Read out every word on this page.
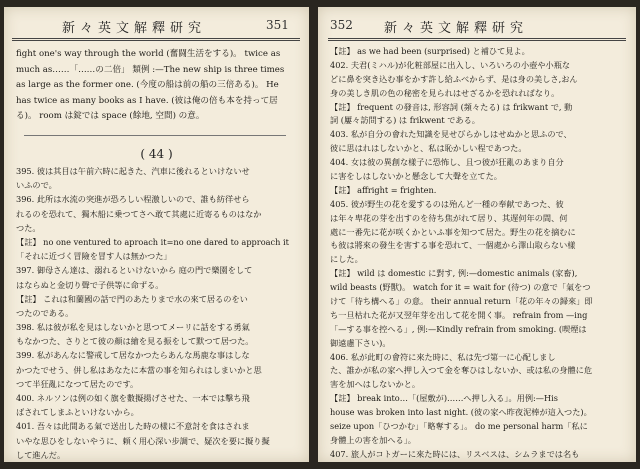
新々英文解釋研究	351
fight one's way through the world (奮闘生活をする)。 twice as
much as……「……の二倍」 類例 :—The new ship is three times
as large as the former one. (今度の船は前の船の三倍ある)。 He
has twice as many books as I have. (彼は俺の倍も本を持って居
る)。 room は錠では space (餘地, 空間) の意。
( 44 )
395. 彼は其目は午前六時に起きた、汽車に後れるといけないせ
いふので。
396. 此所は水流の突進が恐ろしい程激しいので、誰も紡徉せら
れるのを恐れて、獨木船に乗つてさへ敢て其處に近寄るものはなか
つた。
【註】 no one ventured to aproach it=no one dared to approach it
「それに近づく冒險を冒す人は無かつた」
397. 御母さん達は、溺れるといけないから 庭の門で樂園をして
はならぬと金切り聲で子供等に命ずる。
【註】 これは和蘭國の話で門のあたりまで水の來て居るのをい
つたのである。
398. 私は彼が私を見はしないかと思つてメーリに話をする勇氣
もなかつた、さりとて彼の顏は繪を見る振をして默つて居つた。
399. 私があんなに警戒して居なかつたらあんな馬鹿な事はしな
かつたでせう、併し私はあなたに本當の事を知られはしまいかと思
つて半狂亂になつて居たのです。
400. ネルソンは例の如く旗を數擬揚げさせた、一本では擊ち飛
ばされてしまふといけないから。
401. 吾々は此間ある氣で送出した時の樣に不意討を食はされま
いやな思ひをしないやうに、頼く用心深い步調で、疑次を要に擬り擬
して進んだ。
352 新々英文解釋研究
【註】 as we had been (surprised) と補ひて見よ。
402. 夫君(ミハル)が化粧部屋に出入し、いろいろの小壺や小瓶な
どに鼻を突き込む事をかす許し給ふべからず、是は身の美しさ,おん
身の美しき肌の色の秘密を見られはせざるかを恐れればなり。
【註】 frequent の發音は, 形容詞 (頻々たる) は frikwant で, 動
詞 (屢々訪問する) は frikwent である。
403. 私が自分の會れた知識を見せびらかしはせぬかと思ふので、
彼に思はれはしないかと、私は恥かしい程であつた。
404. 女は彼の異創な樣子に恐怖し、且つ彼が狂亂のあまり自分
に害をしはしないかと懸念して大聲を立てた。
【註】 affright = frighten.
405. 彼が野生の花を愛するのは殆んど一種の奉献であつた、彼
は年々卑花の芽を出すのを待ち焦がれて居り、其遅何年の間、何
處に一番先に花が咲くかといふ事を知つて居た。野生の花を摘むに
も彼は將來の發生を害する事を恐れて、一個處から澤山取らない樣
にした。
【註】 wild は domestic に對す, 例:—domestic animals (家畜),
wild beasts (野獸)。 watch for it = wait for (待つ) の意で「氣をつ
けて「待ち構へる」の意。 their annual return「花の年々の歸來」即
ち一旦枯れた花が又翌年芽を出して花を開く事。 refrain from —ing
「—する事を控へる」, 例:—Kindly refrain from smoking. (喫煙は
御遠慮下さい)。
406. 私が此町の會符に來た時に、私は先づ第一に心配しまし
た、誰かが私の家へ押し入つて金を奪ひはしないか、或は私の身體に危
害を加へはしないかと。
【註】 break into…「(屋敷が)……へ押し入る」。用例:—His
house was broken into last night. (彼の家へ昨夜泥棒が這入つた)。
seize upon「ひつかむ」「略奪する」。 do me personal harm「私に
身體上の害を加へる」。
407. 旅人がコトガーに來た時には、リスベスは、シムラまでは名も
